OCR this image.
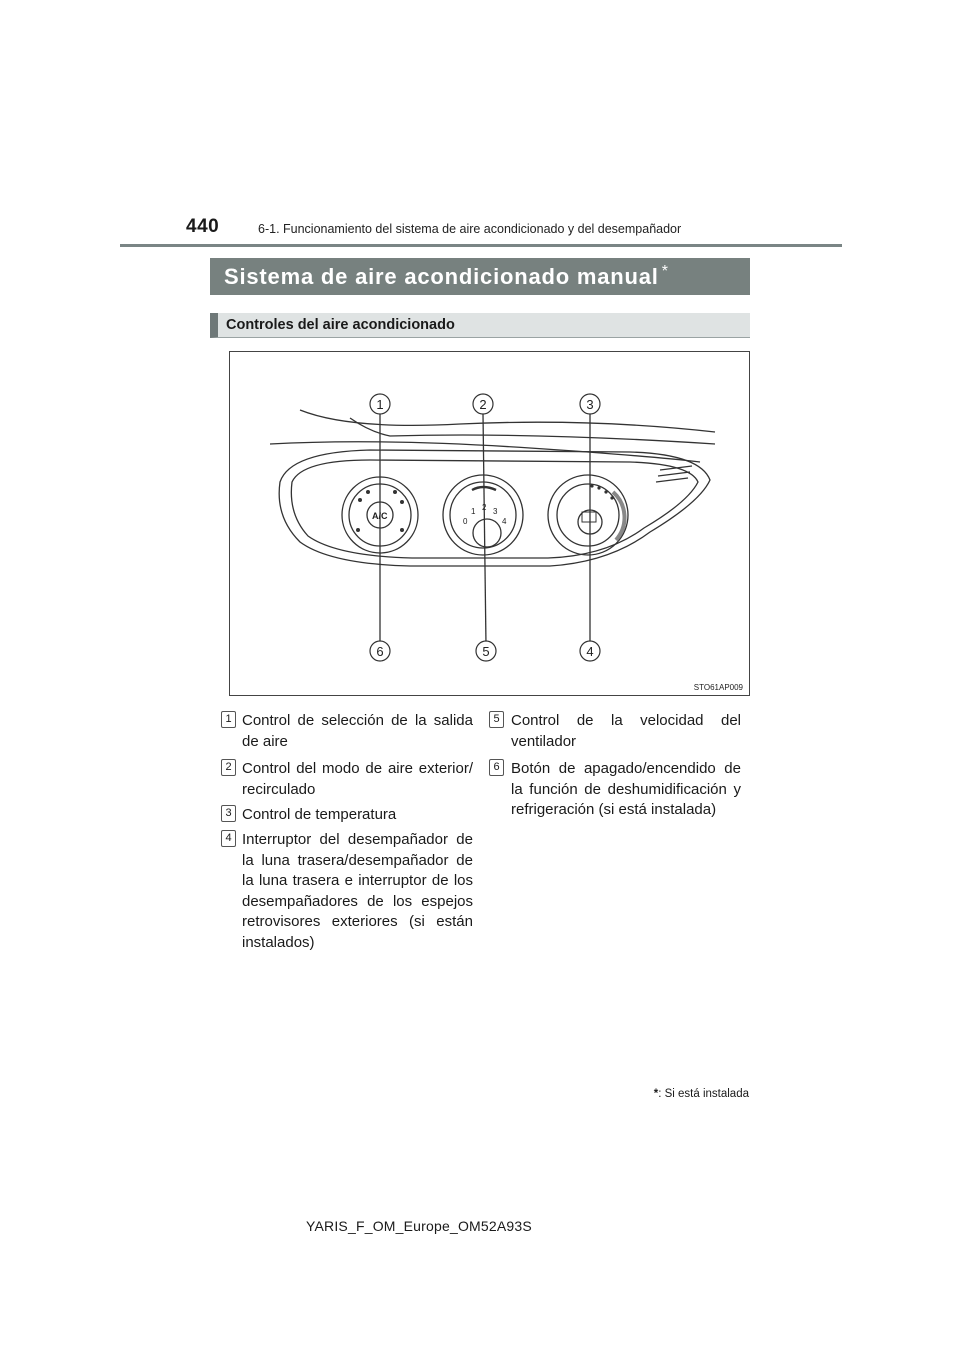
440	6-1. Funcionamiento del sistema de aire acondicionado y del desempañador
Sistema de aire acondicionado manual*
Controles del aire acondicionado
A/C
0
1 2 3
4
1	2	3
4
5
6
STO61AP009
1 Control de selección de la salida de aire
2 Control del modo de aire exterior/ recirculado
3 Control de temperatura
4 Interruptor del desempañador de la luna trasera/desempañador de la luna trasera e interruptor de los desempañadores de los espejos retrovisores exteriores (si están instalados)
5 Control de la velocidad del ventilador
6 Botón de apagado/encendido de la función de deshumidificación y refrigeración (si está instalada)
*: Si está instalada
YARIS_F_OM_Europe_OM52A93S
